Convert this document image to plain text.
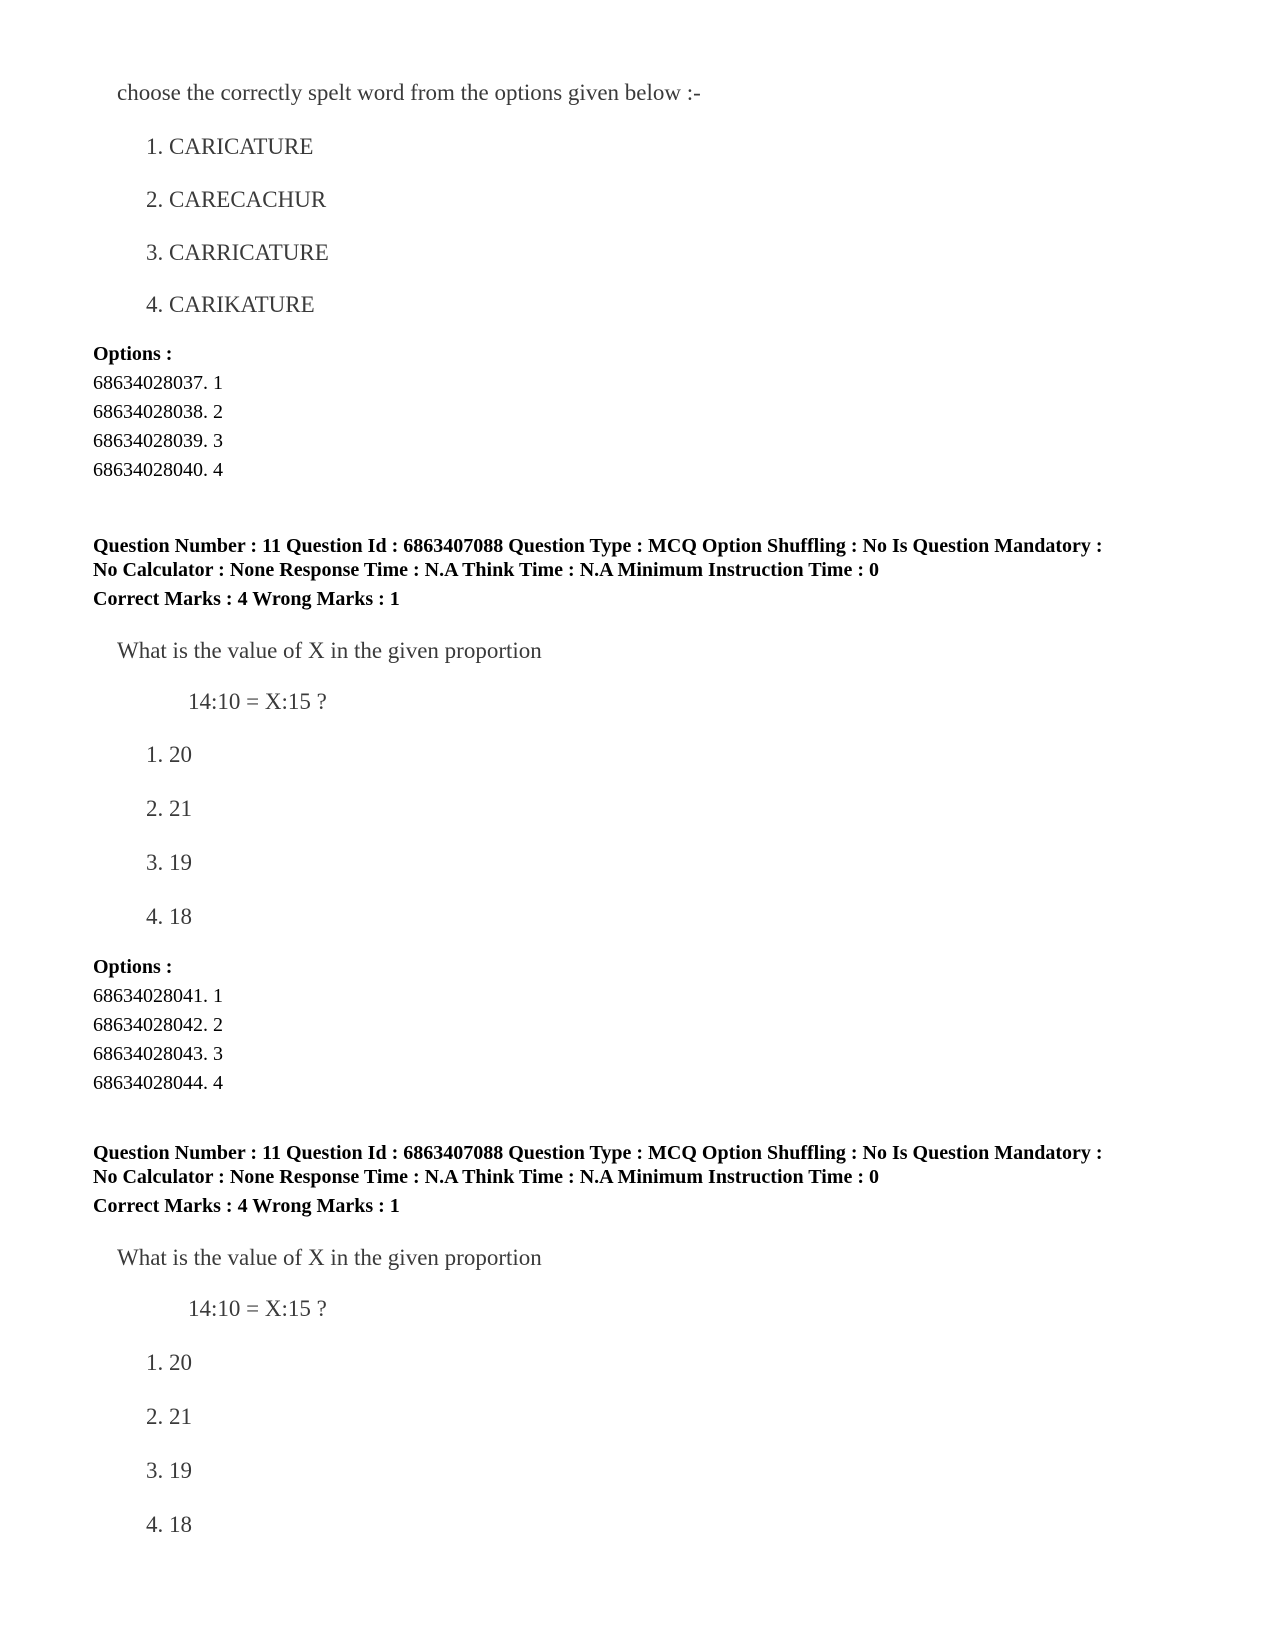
choose the correctly spelt word from the options given below :-
1. CARICATURE
2. CARECACHUR
3. CARRICATURE
4. CARIKATURE
Options :
68634028037. 1
68634028038. 2
68634028039. 3
68634028040. 4
Question Number : 11 Question Id : 6863407088 Question Type : MCQ Option Shuffling : No Is Question Mandatory :
No Calculator : None Response Time : N.A Think Time : N.A Minimum Instruction Time : 0
Correct Marks : 4 Wrong Marks : 1
What is the value of X in the given proportion
14:10 = X:15 ?
1. 20
2. 21
3. 19
4. 18
Options :
68634028041. 1
68634028042. 2
68634028043. 3
68634028044. 4
Question Number : 11 Question Id : 6863407088 Question Type : MCQ Option Shuffling : No Is Question Mandatory :
No Calculator : None Response Time : N.A Think Time : N.A Minimum Instruction Time : 0
Correct Marks : 4 Wrong Marks : 1
What is the value of X in the given proportion
14:10 = X:15 ?
1. 20
2. 21
3. 19
4. 18
